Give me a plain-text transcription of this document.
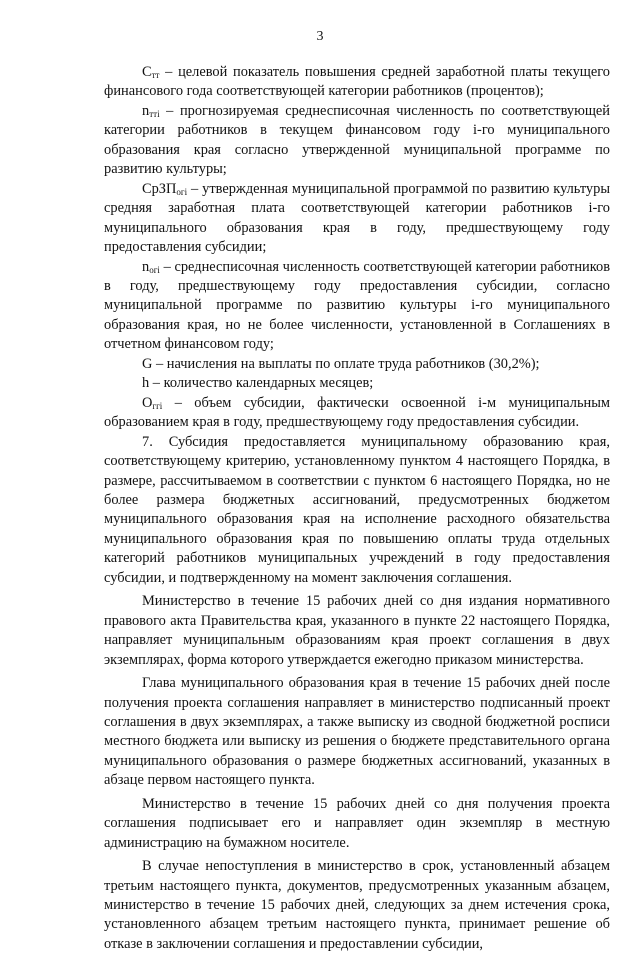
3

$C_{тт}$ – целевой показатель повышения средней заработной платы текущего финансового года соответствующей категории работников (процентов);

$n_{тті}$ – прогнозируемая среднесписочная численность по соответствующей категории работников в текущем финансовом году i-го муниципального образования края согласно утвержденной муниципальной программе по развитию культуры;

СрЗП$_{огі}$ – утвержденная муниципальной программой по развитию культуры средняя заработная плата соответствующей категории работников i-го муниципального образования края в году, предшествующему году предоставления субсидии;

$n_{огі}$ – среднесписочная численность соответствующей категории работников в году, предшествующему году предоставления субсидии, согласно муниципальной программе по развитию культуры i-го муниципального образования края, но не более численности, установленной в Соглашениях в отчетном финансовом году;

G – начисления на выплаты по оплате труда работников (30,2%);

h – количество календарных месяцев;

$O_{ггі}$ – объем субсидии, фактически освоенной i-м муниципальным образованием края в году, предшествующему году предоставления субсидии.

7. Субсидия предоставляется муниципальному образованию края, соответствующему критерию, установленному пунктом 4 настоящего Порядка, в размере, рассчитываемом в соответствии с пунктом 6 настоящего Порядка, но не более размера бюджетных ассигнований, предусмотренных бюджетом муниципального образования края на исполнение расходного обязательства муниципального образования края по повышению оплаты труда отдельных категорий работников муниципальных учреждений в году предоставления субсидии, и подтвержденному на момент заключения соглашения.

Министерство в течение 15 рабочих дней со дня издания нормативного правового акта Правительства края, указанного в пункте 22 настоящего Порядка, направляет муниципальным образованиям края проект соглашения в двух экземплярах, форма которого утверждается ежегодно приказом министерства.

Глава муниципального образования края в течение 15 рабочих дней после получения проекта соглашения направляет в министерство подписанный проект соглашения в двух экземплярах, а также выписку из сводной бюджетной росписи местного бюджета или выписку из решения о бюджете представительного органа муниципального образования о размере бюджетных ассигнований, указанных в абзаце первом настоящего пункта.

Министерство в течение 15 рабочих дней со дня получения проекта соглашения подписывает его и направляет один экземпляр в местную администрацию на бумажном носителе.

В случае непоступления в министерство в срок, установленный абзацем третьим настоящего пункта, документов, предусмотренных указанным абзацем, министерство в течение 15 рабочих дней, следующих за днем истечения срока, установленного абзацем третьим настоящего пункта, принимает решение об отказе в заключении соглашения и предоставлении субсидии,
